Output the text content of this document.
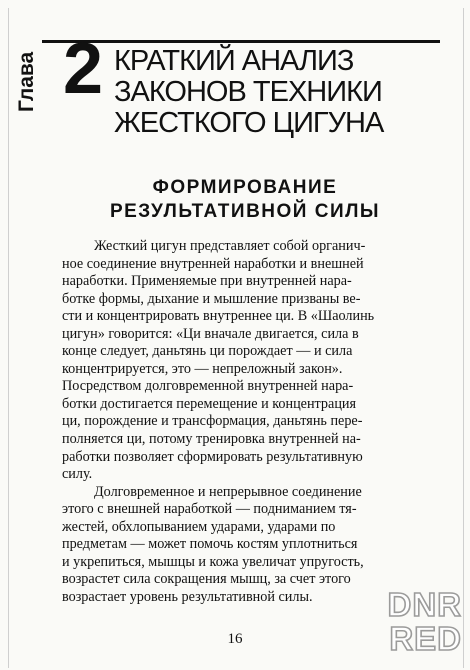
Глава 2 КРАТКИЙ АНАЛИЗ
ЗАКОНОВ ТЕХНИКИ
ЖЕСТКОГО ЦИГУНА
ФОРМИРОВАНИЕ
РЕЗУЛЬТАТИВНОЙ СИЛЫ
Жесткий цигун представляет собой органич-
ное соединение внутренней наработки и внешней
наработки. Применяемые при внутренней нара-
ботке формы, дыхание и мышление призваны ве-
сти и концентрировать внутреннее ци. В «Шаолинь
цигун» говорится: «Ци вначале двигается, сила в
конце следует, даньтянь ци порождает — и сила
концентрируется, это — непреложный закон».
Посредством долговременной внутренней нара-
ботки достигается перемещение и концентрация
ци, порождение и трансформация, даньтянь пере-
полняется ци, потому тренировка внутренней на-
работки позволяет сформировать результативную
силу.
Долговременное и непрерывное соединение
этого с внешней наработкой — подниманием тя-
жестей, обхлопыванием ударами, ударами по
предметам — может помочь костям уплотниться
и укрепиться, мышцы и кожа увеличат упругость,
возрастет сила сокращения мышц, за счет этого
возрастает уровень результативной силы.
16
DNR
RED
